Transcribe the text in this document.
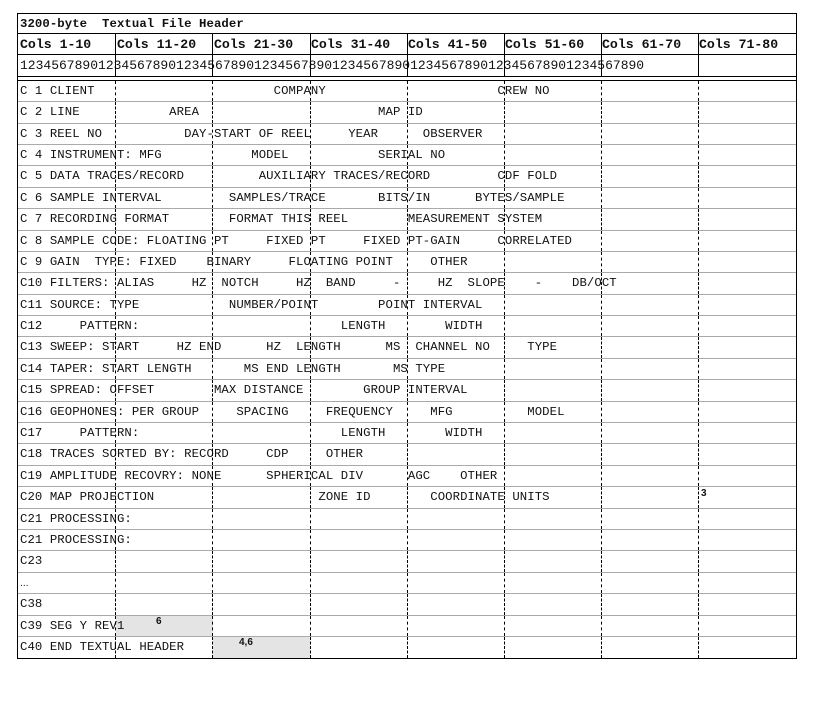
3200-byte  Textual File Header
Cols 1-10 Cols 11-20 Cols 21-30 Cols 31-40 Cols 41-50 Cols 51-60 Cols 61-70 Cols 71-80
12345678901234567890123456789012345678901234567890123456789012345678901234567890
C 1 CLIENT                        COMPANY                       CREW NO
C 2 LINE            AREA                        MAP ID
C 3 REEL NO           DAY-START OF REEL     YEAR      OBSERVER
C 4 INSTRUMENT: MFG            MODEL            SERIAL NO
C 5 DATA TRACES/RECORD          AUXILIARY TRACES/RECORD         CDF FOLD
C 6 SAMPLE INTERVAL         SAMPLES/TRACE       BITS/IN      BYTES/SAMPLE
C 7 RECORDING FORMAT        FORMAT THIS REEL        MEASUREMENT SYSTEM
C 8 SAMPLE CODE: FLOATING PT     FIXED PT     FIXED PT-GAIN     CORRELATED
C 9 GAIN  TYPE: FIXED    BINARY     FLOATING POINT     OTHER
C10 FILTERS: ALIAS     HZ  NOTCH     HZ  BAND     -     HZ  SLOPE    -    DB/OCT
C11 SOURCE: TYPE            NUMBER/POINT        POINT INTERVAL
C12     PATTERN:                           LENGTH        WIDTH
C13 SWEEP: START     HZ END      HZ  LENGTH      MS  CHANNEL NO     TYPE
C14 TAPER: START LENGTH       MS END LENGTH       MS TYPE
C15 SPREAD: OFFSET        MAX DISTANCE        GROUP INTERVAL
C16 GEOPHONES: PER GROUP     SPACING     FREQUENCY     MFG          MODEL
C17     PATTERN:                           LENGTH        WIDTH
C18 TRACES SORTED BY: RECORD     CDP     OTHER
C19 AMPLITUDE RECOVRY: NONE      SPHERICAL DIV      AGC    OTHER
C20 MAP PROJECTION                      ZONE ID        COORDINATE UNITS	3
C21 PROCESSING:
C21 PROCESSING:
C23
...
C38
C39 SEG Y REV1	6
C40 END TEXTUAL HEADER	4,6
